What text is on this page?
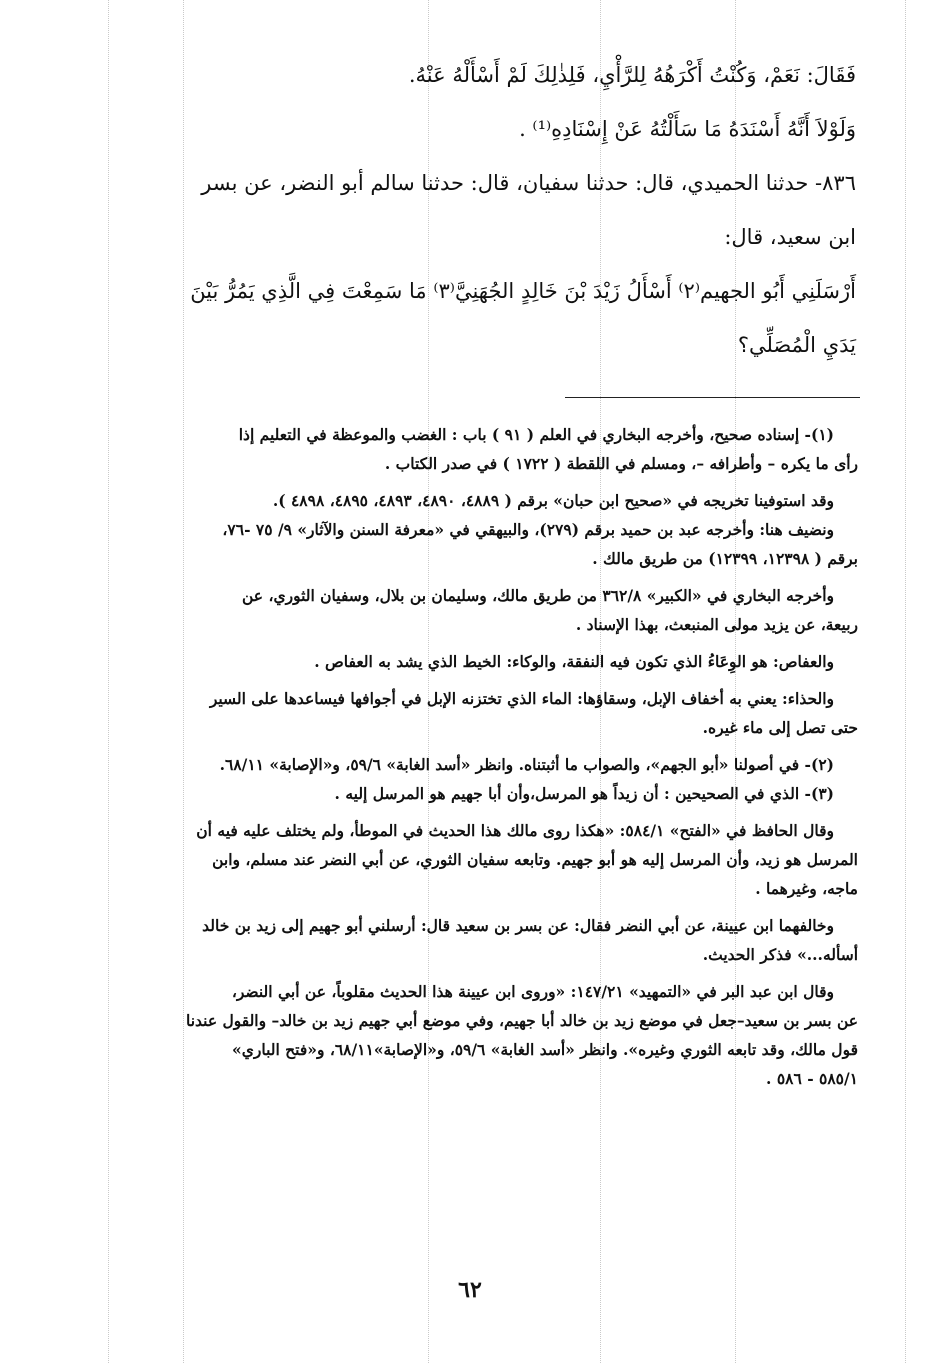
فَقَالَ: نَعَمْ، وَكُنْتُ أَكْرَهُهُ لِلرَّأْيِ، فَلِذٰلِكَ لَمْ أَسْأَلْهُ عَنْهُ.
وَلَوْلاَ أَنَّهُ أَسْنَدَهُ مَا سَأَلْتُهُ عَنْ إِسْنَادِهِ⁽¹⁾ .
٨٣٦- حدثنا الحميدي، قال: حدثنا سفيان، قال: حدثنا سالم أبو النضر، عن بسر
ابن سعيد، قال:
أَرْسَلَنِي أَبُو الجهيم⁽٢⁾ أَسْأَلُ زَيْدَ بْنَ خَالِدٍ الجُهَنِيَّ⁽٣⁾ مَا سَمِعْتَ فِي الَّذِي يَمُرُّ بَيْنَ
يَدَيِ الْمُصَلِّي؟
(١)- إسناده صحيح، وأخرجه البخاري في العلم ( ٩١ ) باب : الغضب والموعظة في التعليم إذا
رأى ما يكره – وأطرافه –، ومسلم في اللقطة ( ١٧٢٢ ) في صدر الكتاب .
وقد استوفينا تخريجه في «صحيح ابن حبان» برقم ( ٤٨٨٩، ٤٨٩٠، ٤٨٩٣، ٤٨٩٥، ٤٨٩٨ ).
ونضيف هنا: وأخرجه عبد بن حميد برقم (٢٧٩)، والبيهقي في «معرفة السنن والآثار» ٩/ ٧٥ -٧٦،
برقم ( ١٢٣٩٨، ١٢٣٩٩) من طريق مالك .
وأخرجه البخاري في «الكبير» ٣٦٢/٨ من طريق مالك، وسليمان بن بلال، وسفيان الثوري، عن
ربيعة، عن يزيد مولى المنبعث، بهذا الإسناد .
والعفاص: هو الوِعَاءُ الذي تكون فيه النفقة، والوكاء: الخيط الذي يشد به العفاص .
والحذاء: يعني به أخفاف الإبل، وسقاؤها: الماء الذي تختزنه الإبل في أجوافها فيساعدها على السير
حتى تصل إلى ماء غيره.
(٢)- في أصولنا «أبو الجهم»، والصواب ما أثبتناه. وانظر «أسد الغابة» ٥٩/٦، و«الإصابة» ٦٨/١١.
(٣)- الذي في الصحيحين : أن زيداً هو المرسل،وأن أبا جهيم هو المرسل إليه .
وقال الحافظ في «الفتح» ٥٨٤/١: «هكذا روى مالك هذا الحديث في الموطأ، ولم يختلف عليه فيه أن
المرسل هو زيد، وأن المرسل إليه هو أبو جهيم. وتابعه سفيان الثوري، عن أبي النضر عند مسلم، وابن
ماجه، وغيرهما .
وخالفهما ابن عيينة، عن أبي النضر فقال: عن بسر بن سعيد قال: أرسلني أبو جهيم إلى زيد بن خالد
أسأله...» فذكر الحديث.
وقال ابن عبد البر في «التمهيد» ١٤٧/٢١: «وروى ابن عيينة هذا الحديث مقلوباً، عن أبي النضر،
عن بسر بن سعيد–جعل في موضع زيد بن خالد أبا جهيم، وفي موضع أبي جهيم زيد بن خالد– والقول عندنا
قول مالك، وقد تابعه الثوري وغيره». وانظر «أسد الغابة» ٥٩/٦، و«الإصابة»٦٨/١١، و«فتح الباري»
٥٨٥/١ - ٥٨٦ .
٦٢
